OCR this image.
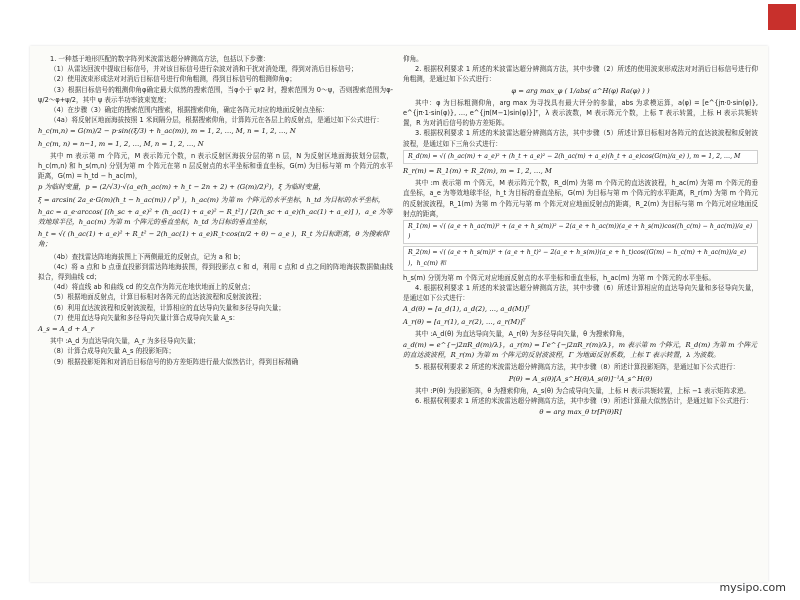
1. 一种基于地形匹配的数字阵列米波雷达超分辨测高方法，包括以下步骤：
（1）从雷达回波中提取目标信号，并对该目标信号进行杂波对消和干扰对消处理，得到对消后目标信号；
（2）使用波束形成法对对消后目标信号进行仰角粗测，得到目标信号的粗测仰角φ；
（3）根据目标信号的粗测仰角φ确定最大似然的搜索范围，当φ小于 ψ/2 时，搜索范围为 0～ψ，否则搜索范围为φ-ψ/2～φ+ψ/2，其中 ψ 表示半功率波束宽度；
（4）在步骤（3）确定的搜索范围内搜索，根据搜索仰角，确定各阵元对应的地面反射点坐标：
（4a）将反射区地面海拔按照 1 米间隔分层，根据搜索仰角，计算阵元在各层上的反射点，是通过如下公式进行：
h_c(m,n) = G(m)/2 − p·sin((ξ/3) + h_ac(m)), m = 1, 2, …, M, n = 1, 2, …, N
h_c(m, n) = n−1, m = 1, 2, …, M, n = 1, 2, …, N
其中 m 表示第 m 个阵元，M 表示阵元个数，n 表示反射区海拔分层的第 n 层，N 为反射区地面海拔划分层数，h_c(m,n) 和 h_s(m,n) 分别为第 m 个阵元在第 n 层反射点的水平坐标和垂直坐标，G(m) 为目标与第 m 个阵元的水平距离，G(m) = h_td − h_ac(m)，
p 为临时变量，p = (2/√3)·√(a_e(h_ac(m) + h_t − 2n + 2) + (G(m)/2)²)，ξ 为临时变量，
ξ = arcsin( 2a_e·G(m)(h_t − h_ac(m)) / p³ )，h_ac(m) 为第 m 个阵元的水平坐标，h_td 为目标的水平坐标，
h_ac = a_e·arccos( [(h_sc + a_e)² + (h_ac(1) + a_e)² − R_t²] / [2(h_sc + a_e)(h_ac(1) + a_e)] )，a_e 为等效地球半径，h_ac(m) 为第 m 个阵元的垂直坐标，h_td 为目标的垂直坐标，
h_t = √( (h_ac(1) + a_e)² + R_t² − 2(h_ac(1) + a_e)R_t·cos(π/2 + θ) − a_e )，R_t 为目标距离，θ 为搜索仰角；
（4b）查找雷达阵地海拔图上下两侧最近的反射点，记为 a 和 b；
（4c）将 a 点和 b 点垂直投影到雷达阵地海拔图，得到投影点 c 和 d，利用 c 点和 d 点之间的阵地海拔数据做曲线拟合，得到曲线 cd；
（4d）将直线 ab 和曲线 cd 的交点作为阵元在地伏地面上的反射点；
（5）根据地面反射点，计算目标相对各阵元的直达波波程和反射波波程；
（6）利用直达波波程和反射波波程，计算相应的直达导向矢量和多径导向矢量；
（7）使用直达导向矢量和多径导向矢量计算合成导向矢量 A_s：
A_s = A_d + A_r
其中 :A_d 为直达导向矢量，A_r 为多径导向矢量；
（8）计算合成导向矢量 A_s 的投影矩阵；
（9）根据投影矩阵和对消后目标信号的协方差矩阵进行最大似然估计，得到目标精确
仰角。
2. 根据权利要求 1 所述的米波雷达超分辨测高方法，其中步骤（2）所述的使用波束形成法对对消后目标信号进行仰角粗测，是通过如下公式进行：
φ = arg max_φ ( 1/abs( a^H(φ) Ra(φ) ) )
其中：φ 为目标粗测仰角，arg max 为寻找具有最大评分的参量，abs 为求模运算，a(φ) = [e^{jπ·0·sin(φ)}, e^{jπ·1·sin(φ)}, …, e^{jπ(M−1)sin(φ)}]ᵀ，λ 表示波数，M 表示阵元个数，上标 T 表示转置，上标 H 表示共轭转置，R 为对消后信号的协方差矩阵。
3. 根据权利要求 1 所述的米波雷达超分辨测高方法，其中步骤（5）所述计算目标相对各阵元的直达波波程和反射波波程，是通过如下三角公式进行：
R_d(m) = √( (h_ac(m) + a_e)² + (h_t + a_e)² − 2(h_ac(m) + a_e)(h_t + a_e)cos(G(m)/a_e) ), m = 1, 2, …, M
R_r(m) = R_1(m) + R_2(m), m = 1, 2, …, M
其中 :m 表示第 m 个阵元，M 表示阵元个数，R_d(m) 为第 m 个阵元的直达波波程，h_ac(m) 为第 m 个阵元的垂直坐标，a_e 为等效地球半径，h_t 为目标的垂直坐标，G(m) 为目标与第 m 个阵元的水平距离，R_r(m) 为第 m 个阵元的反射波波程，R_1(m) 为第 m 个阵元与第 m 个阵元对应地面反射点的距离，R_2(m) 为目标与第 m 个阵元对应地面反射点的距离，
R_1(m) = √( (a_e + h_ac(m))² + (a_e + h_s(m))² − 2(a_e + h_ac(m))(a_e + h_s(m))cos((h_c(m) − h_ac(m))/a_e) )
R_2(m) = √( (a_e + h_s(m))² + (a_e + h_t)² − 2(a_e + h_s(m))(a_e + h_t)cos((G(m) − h_c(m) + h_ac(m))/a_e) )，h_c(m) 和
h_s(m) 分别为第 m 个阵元对应地面反射点的水平坐标和垂直坐标，h_ac(m) 为第 m 个阵元的水平坐标。
4. 根据权利要求 1 所述的米波雷达超分辨测高方法，其中步骤（6）所述计算相应的直达导向矢量和多径导向矢量，是通过如下公式进行：
A_d(θ) = [a_d(1), a_d(2), …, a_d(M)]ᵀ
A_r(θ) = [a_r(1), a_r(2), …, a_r(M)]ᵀ
其中 :A_d(θ) 为直达导向矢量，A_r(θ) 为多径导向矢量，θ 为搜索仰角，
a_d(m) = e^{−j2πR_d(m)/λ}，a_r(m) = Γe^{−j2πR_r(m)/λ}，m 表示第 m 个阵元，R_d(m) 为第 m 个阵元的直达波波程，R_r(m) 为第 m 个阵元的反射波波程，Γ 为地面反射系数，上标 T 表示转置，λ 为波数。
5. 根据权利要求 2 所述的米波雷达超分辨测高方法，其中步骤（8）所述计算投影矩阵，是通过如下公式进行：
P(θ) = A_s(θ)[A_s^H(θ)A_s(θ)]⁻¹A_s^H(θ)
其中 :P(θ) 为投影矩阵，θ 为搜索仰角，A_s(θ) 为合成导向矢量，上标 H 表示共轭转置，上标 −1 表示矩阵求逆。
6. 根据权利要求 1 所述的米波雷达超分辨测高方法，其中步骤（9）所述计算最大似然估计，是通过如下公式进行：
θ = arg max_θ tr[P(θ)R]
mysipo.com
